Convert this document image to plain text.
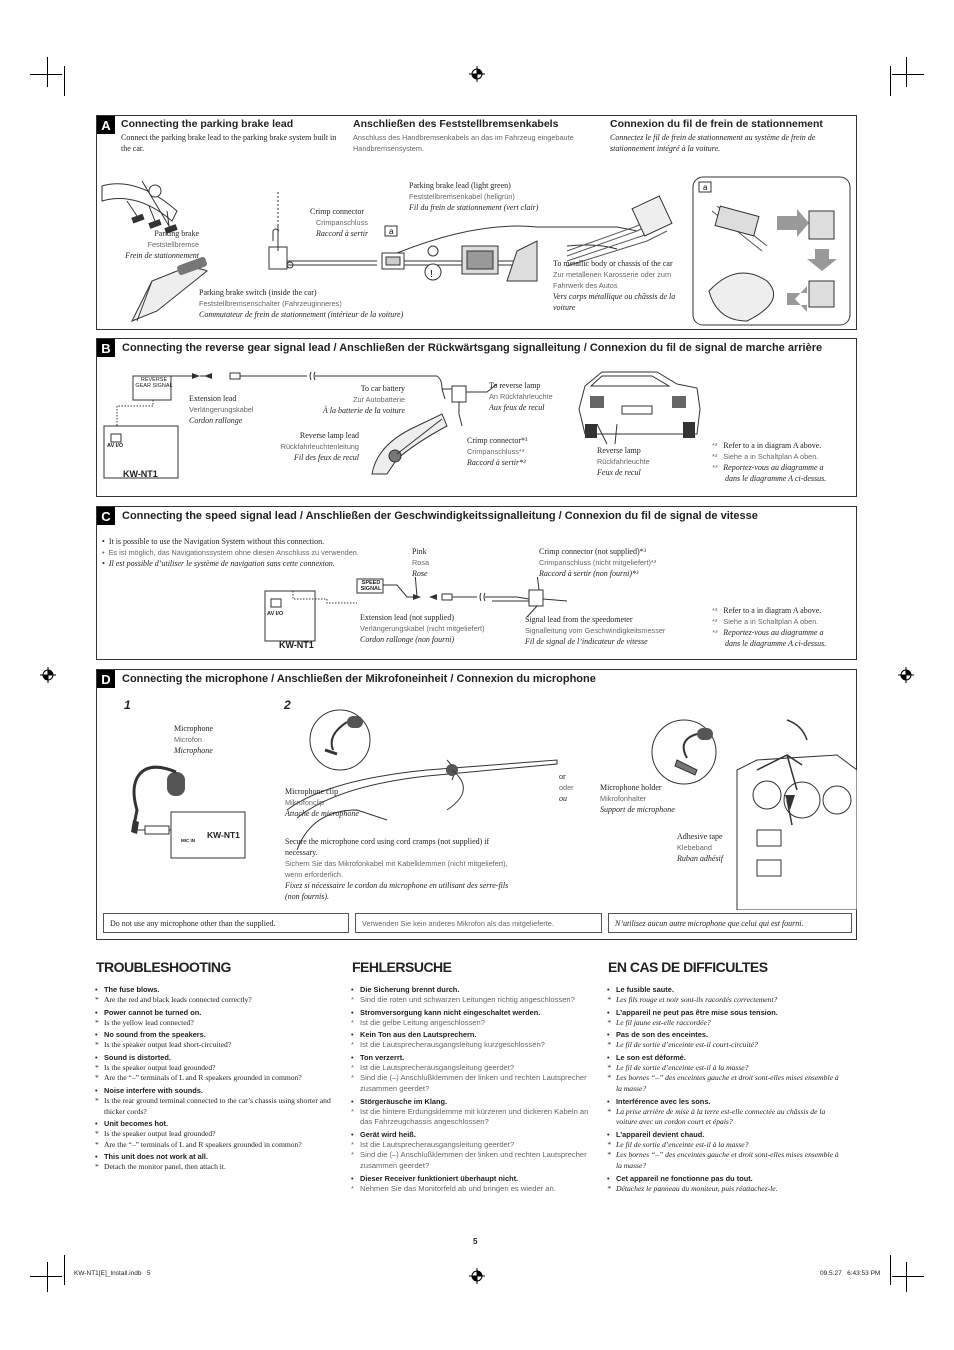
A Connecting the parking brake lead
Connect the parking brake lead to the parking brake system built in the car.
Anschließen des Feststellbremsenkabels
Anschluss des Handbremsenkabels an das im Fahrzeug eingebaute Handbremsensystem.
Connexion du fil de frein de stationnement
Connectez le fil de frein de stationnement au système de frein de stationnement intégré à la voiture.
!
a
a
Parking brake
Feststellbremse
Frein de stationnement
Crimp connector
Crimpanschluss
Raccord à sertir
Parking brake lead (light green)
Feststellbremsenkabel (hellgrün)
Fil du frein de stationnement (vert clair)
Parking brake switch (inside the car)
Feststellbremsenschalter (Fahrzeuginneres)
Commutateur de frein de stationnement (intérieur de la voiture)
To metallic body or chassis of the car
Zur metallenen Karosserie oder zum
Fahrwerk des Autos
Vers corps métallique ou châssis de la
voiture
B	Connecting the reverse gear signal lead / Anschließen der Rückwärtsgang signalleitung / Connexion du fil de signal de marche arrière
REVERSE GEAR SIGNAL
AV I/O
KW-NT1
Extension lead
Verlängerungskabel
Cordon rallonge
To car battery
Zur Autobatterie
À la batterie de la voiture
Reverse lamp lead
Rückfahrleuchtenleitung
Fil des feux de recul
To reverse lamp
An Rückfahrleuchte
Aux feux de recul
Crimp connector*³
Crimpanschluss*³
Raccord à sertir*³
Reverse lamp
Rückfahrleuchte
Feux de recul
*³ Refer to a in diagram A above.
*³ Siehe a in Schaltplan A oben.
*³ Reportez-vous au diagramme a
dans le diagramme A ci-dessus.
C	Connecting the speed signal lead / Anschließen der Geschwindigkeitssignalleitung / Connexion du fil de signal de vitesse
•  It is possible to use the Navigation System without this connection.
•  Es ist möglich, das Navigationssystem ohne diesen Anschluss zu verwenden.
•  Il est possible d’utiliser le système de navigation sans cette connexion.
SPEED SIGNAL
AV I/O
KW-NT1
Pink
Rosa
Rose
Crimp connector (not supplied)*³
Crimpanschluss (nicht mitgeliefert)*³
Raccord à sertir (non fourni)*³
Extension lead (not supplied)
Verlängerungskabel (nicht mitgeliefert)
Cordon rallonge (non fourni)
Signal lead from the speedometer
Signalleitung vom Geschwindigkeitsmesser
Fil de signal de l’indicateur de vitesse
*³ Refer to a in diagram A above.
*³ Siehe a in Schaltplan A oben.
*³ Reportez-vous au diagramme a
dans le diagramme A ci-dessus.
D	Connecting the microphone / Anschließen der Mikrofoneinheit / Connexion du microphone
1	2
KW-NT1
MIC IN
Microphone
Microfon
Microphone
Microphone clip
Mikrofonclip
Attache de microphone
Secure the microphone cord using cord cramps (not supplied) if
necessary.
Sichern Sie das Mikrofonkabel mit Kabelklemmen (nicht mitgeliefert),
wenn erforderlich.
Fixez si nécessaire le cordon du microphone en utilisant des serre-fils
(non fournis).
or
oder
ou
Microphone holder
Mikrofonhalter
Support de microphone
Adhesive tape
Klebeband
Ruban adhésif
Do not use any microphone other than the supplied.	Verwenden Sie kein anderes Mikrofon als das mitgelieferte.	N’utilisez aucun autre microphone que celui qui est fourni.
TROUBLESHOOTING	FEHLERSUCHE	EN CAS DE DIFFICULTES
• The fuse blows.
* Are the red and black leads connected correctly?
• Power cannot be turned on.
* Is the yellow lead connected?
• No sound from the speakers.
* Is the speaker output lead short-circuited?
• Sound is distorted.
* Is the speaker output lead grounded?
* Are the “–” terminals of L and R speakers grounded in common?
• Noise interfere with sounds.
* Is the rear ground terminal connected to the car’s chassis using shorter and thicker cords?
• Unit becomes hot.
* Is the speaker output lead grounded?
* Are the “–” terminals of L and R speakers grounded in common?
• This unit does not work at all.
* Detach the monitor panel, then attach it.
• Die Sicherung brennt durch.
* Sind die roten und schwarzen Leitungen richtig angeschlossen?
• Stromversorgung kann nicht eingeschaltet werden.
* Ist die gelbe Leitung angeschlossen?
• Kein Ton aus den Lautsprechern.
* Ist die Lautsprecherausgangsleitung kurzgeschlossen?
• Ton verzerrt.
* Ist die Lautsprecherausgangsleitung geerdet?
* Sind die (–) Anschlußklemmen der linken und rechten Lautsprecher zusammen geerdet?
• Störgeräusche im Klang.
* Ist die hintere Erdungsklemme mit kürzeren und dickeren Kabeln an das Fahrzeugchassis angeschlossen?
• Gerät wird heiß.
* Ist die Lautsprecherausgangsleitung geerdet?
* Sind die (–) Anschlußklemmen der linken und rechten Lautsprecher zusammen geerdet?
• Dieser Receiver funktioniert überhaupt nicht.
* Nehmen Sie das Monitorfeld ab und bringen es wieder an.
• Le fusible saute.
* Les fils rouge et noir sont-ils racordés correctement?
• L’appareil ne peut pas être mise sous tension.
* Le fil jaune est-elle raccordée?
• Pas de son des enceintes.
* Le fil de sortie d’enceinte est-il court-circuité?
• Le son est déformé.
* Le fil de sortie d’enceinte est-il à la masse?
* Les bornes “–” des enceintes gauche et droit sont-elles mises ensemble à la masse?
• Interférence avec les sons.
* La prise arrière de mise à la terre est-elle connectée au châssis de la voiture avec un cordon court et épais?
• L’appareil devient chaud.
* Le fil de sortie d’enceinte est-il à la masse?
* Les bornes “–” des enceintes gauche et droit sont-elles mises ensemble à la masse?
• Cet appareil ne fonctionne pas du tout.
* Détachez le panneau du moniteur, puis réattachez-le.
5
KW-NT1[E]_Install.indb   5	09.5.27   6:43:53 PM
